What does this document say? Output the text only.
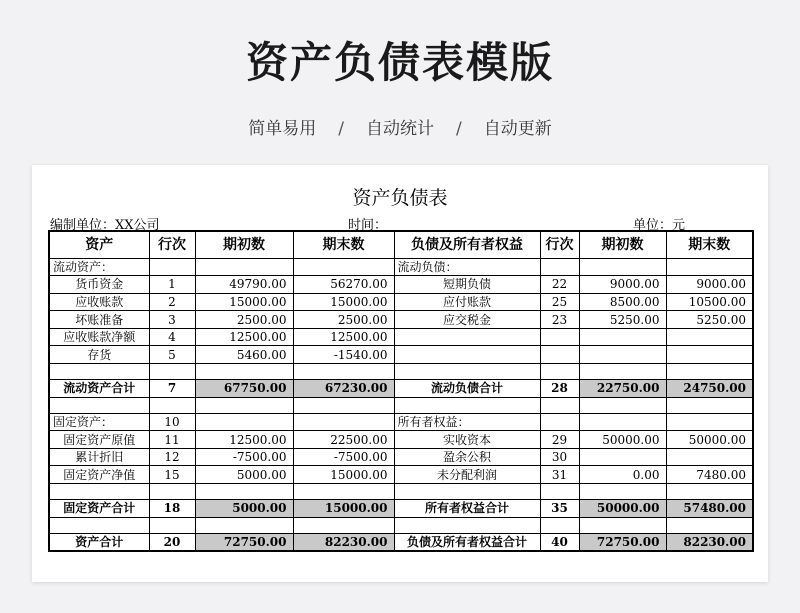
资产负债表模版
简单易用 / 自动统计 / 自动更新
资产负债表
编制单位：XX公司	时间：	单位：元
资产	行次	期初数	期末数	负债及所有者权益	行次	期初数	期末数
流动资产：				流动负债：			
货币资金	1	49790.00	56270.00	短期负债	22	9000.00	9000.00
应收账款	2	15000.00	15000.00	应付账款	25	8500.00	10500.00
坏账准备	3	2500.00	2500.00	应交税金	23	5250.00	5250.00
应收账款净额	4	12500.00	12500.00				
存货	5	5460.00	-1540.00				

流动资产合计	7	67750.00	67230.00	流动负债合计	28	22750.00	24750.00

固定资产：	10			所有者权益：			
固定资产原值	11	12500.00	22500.00	实收资本	29	50000.00	50000.00
累计折旧	12	-7500.00	-7500.00	盈余公积	30		
固定资产净值	15	5000.00	15000.00	未分配利润	31	0.00	7480.00

固定资产合计	18	5000.00	15000.00	所有者权益合计	35	50000.00	57480.00

资产合计	20	72750.00	82230.00	负债及所有者权益合计	40	72750.00	82230.00
